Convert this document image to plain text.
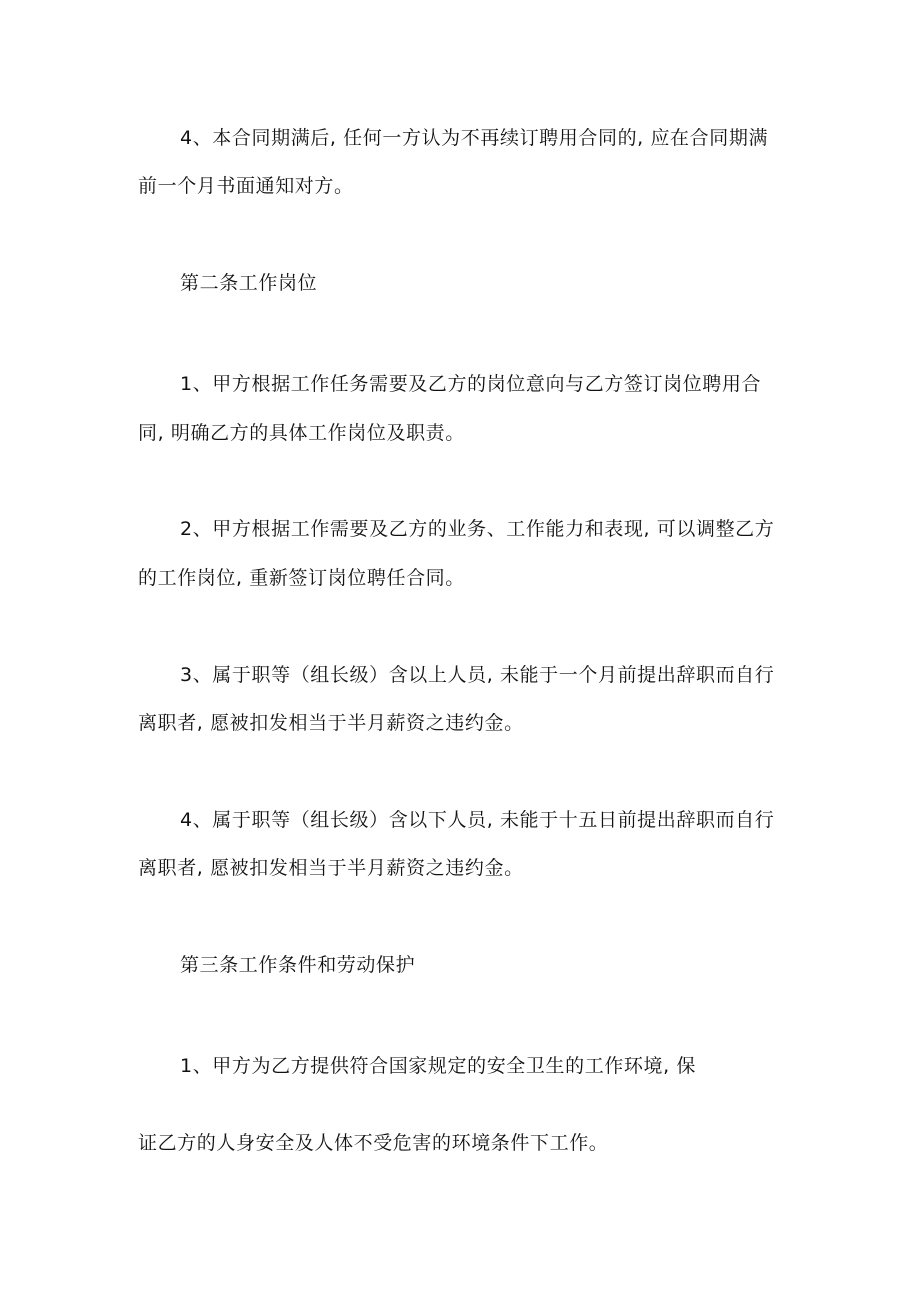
4、本合同期满后, 任何一方认为不再续订聘用合同的, 应在合同期满
前一个月书面通知对方。
第二条工作岗位
1、甲方根据工作任务需要及乙方的岗位意向与乙方签订岗位聘用合
同, 明确乙方的具体工作岗位及职责。
2、甲方根据工作需要及乙方的业务、工作能力和表现, 可以调整乙方
的工作岗位, 重新签订岗位聘任合同。
3、属于职等（组长级）含以上人员, 未能于一个月前提出辞职而自行
离职者, 愿被扣发相当于半月薪资之违约金。
4、属于职等（组长级）含以下人员, 未能于十五日前提出辞职而自行
离职者, 愿被扣发相当于半月薪资之违约金。
第三条工作条件和劳动保护
1、甲方为乙方提供符合国家规定的安全卫生的工作环境, 保
证乙方的人身安全及人体不受危害的环境条件下工作。
